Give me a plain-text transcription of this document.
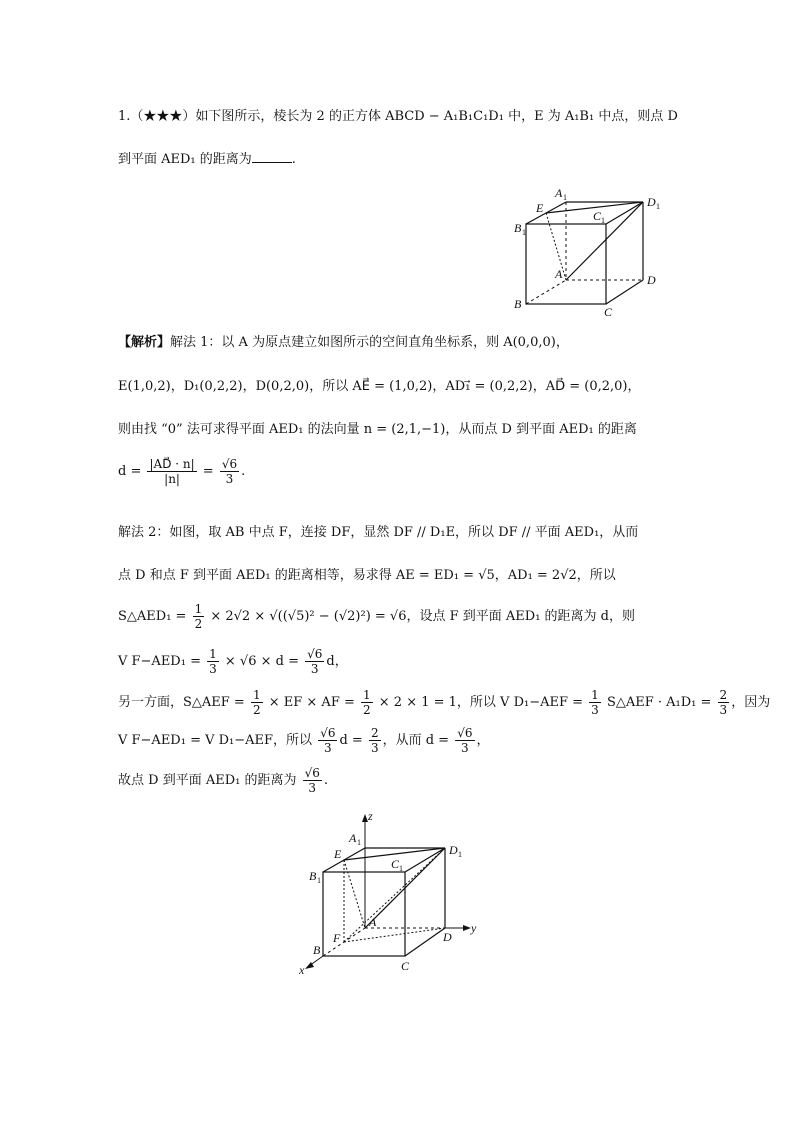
1.（★★★）如下图所示，棱长为 2 的正方体 ABCD − A₁B₁C₁D₁ 中，E 为 A₁B₁ 中点，则点 D
到平面 AED₁ 的距离为	.
A 1
E	D 1
B 1
C 1
A	D
B
C
【解析】解法 1：以 A 为原点建立如图所示的空间直角坐标系，则 A(0,0,0)，
E(1,0,2)，D₁(0,2,2)，D(0,2,0)，所以 AE⃗ = (1,0,2)，AD₁⃗ = (0,2,2)，AD⃗ = (0,2,0)，
则由找 “0” 法可求得平面 AED₁ 的法向量 n = (2,1,−1)，从而点 D 到平面 AED₁ 的距离
$d = \frac{|AD⃗ \cdot n|}{|n|} = \frac{√6}{3}$ .
解法 2：如图，取 AB 中点 F，连接 DF，显然 DF // D₁E，所以 DF // 平面 AED₁，从而
点 D 和点 F 到平面 AED₁ 的距离相等，易求得 AE = ED₁ = √5，AD₁ = 2√2，所以
S△AED₁ = $\frac{1}{2} \times 2√2 \times √((√5)^2 - (√2)^2) = √6$，设点 F 到平面 AED₁ 的距离为 d，则
V $F-AED_1 = \frac{1}{3} \times √6 \times d = \frac{√6}{3}$ d，
另一方面，S△AEF = $\frac{1}{2}$ × EF × AF = $\frac{1}{2} \times 2 \times 1 = 1$，所以 V $D_1-AEF = \frac{1}{3}$ S△AEF · $A_1D_1 = \frac{2}{3}$ ，因为
V F−AED₁ = V D₁−AEF，所以 $\frac{√6}{3}$ $d = \frac{2}{3}$ ，从而 $d = \frac{√6}{3}$ ，
故点 D 到平面 AED₁ 的距离为 $\frac{√6}{3}$ .
z
A 1
E	D 1
B 1
C 1
A
F	D
y
B
x	C
